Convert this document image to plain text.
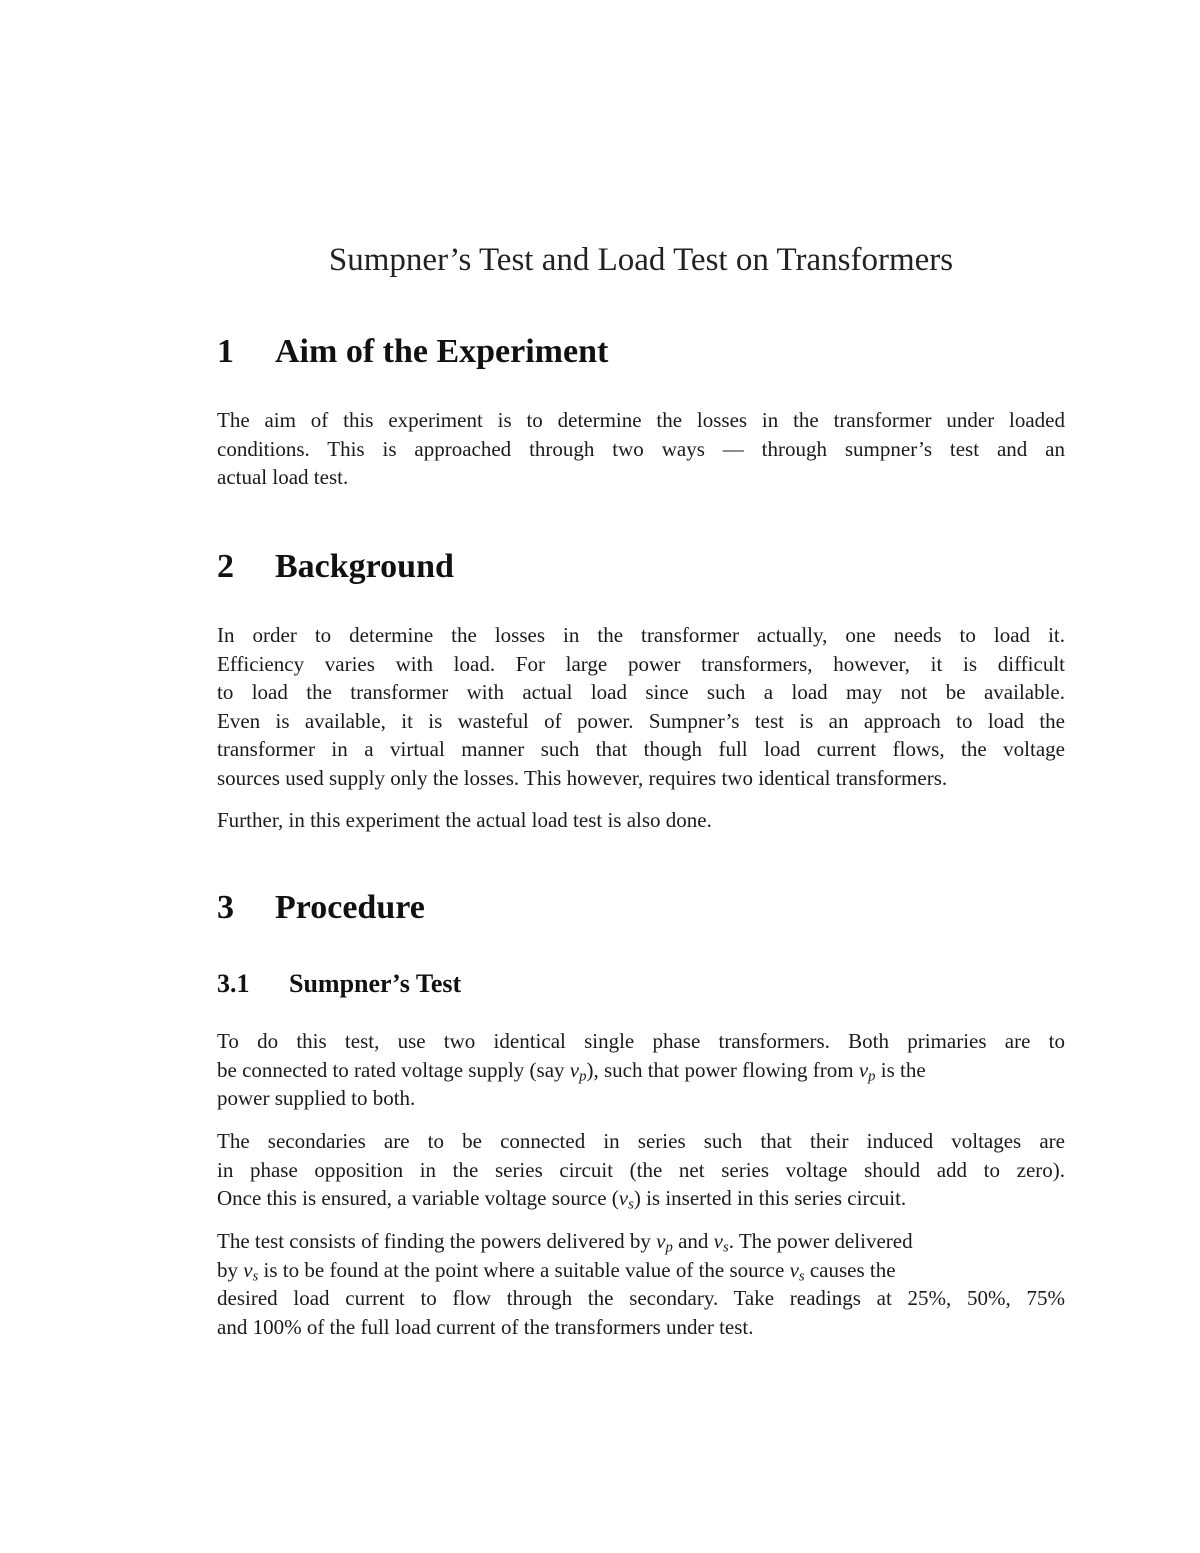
Sumpner’s Test and Load Test on Transformers
1 Aim of the Experiment

The aim of this experiment is to determine the losses in the transformer under loaded
conditions. This is approached through two ways — through sumpner’s test and an
actual load test.

2 Background

In order to determine the losses in the transformer actually, one needs to load it.
Efficiency varies with load. For large power transformers, however, it is difficult
to load the transformer with actual load since such a load may not be available.
Even is available, it is wasteful of power. Sumpner’s test is an approach to load the
transformer in a virtual manner such that though full load current flows, the voltage
sources used supply only the losses. This however, requires two identical transformers.

Further, in this experiment the actual load test is also done.

3 Procedure
3.1 Sumpner’s Test

To do this test, use two identical single phase transformers. Both primaries are to
be connected to rated voltage supply (say $v_p$), such that power flowing from $v_p$ is the
power supplied to both.

The secondaries are to be connected in series such that their induced voltages are
in phase opposition in the series circuit (the net series voltage should add to zero).
Once this is ensured, a variable voltage source $(v_s)$ is inserted in this series circuit.

The test consists of finding the powers delivered by $v_p$ and $v_s$. The power delivered
by $v_s$ is to be found at the point where a suitable value of the source $v_s$ causes the
desired load current to flow through the secondary. Take readings at 25%, 50%, 75%
and 100% of the full load current of the transformers under test.
